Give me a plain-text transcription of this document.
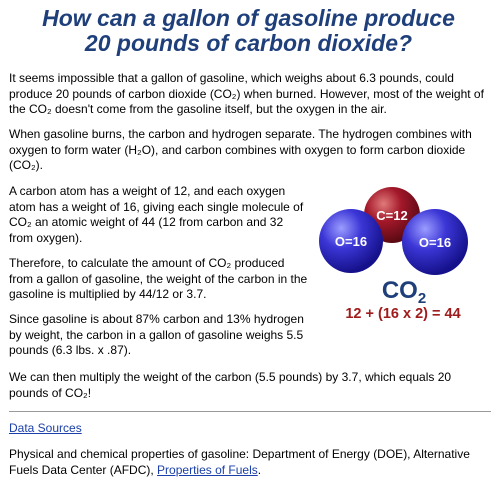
How can a gallon of gasoline produce
20 pounds of carbon dioxide?

It seems impossible that a gallon of gasoline, which weighs about 6.3 pounds, could produce 20 pounds of carbon dioxide (CO₂) when burned. However, most of the weight of the CO₂ doesn't come from the gasoline itself, but the oxygen in the air.

When gasoline burns, the carbon and hydrogen separate. The hydrogen combines with oxygen to form water (H₂O), and carbon combines with oxygen to form carbon dioxide (CO₂).

A carbon atom has a weight of 12, and each oxygen atom has a weight of 16, giving each single molecule of CO₂ an atomic weight of 44 (12 from carbon and 32 from oxygen).

Therefore, to calculate the amount of CO₂ produced from a gallon of gasoline, the weight of the carbon in the gasoline is multiplied by 44/12 or 3.7.

Since gasoline is about 87% carbon and 13% hydrogen by weight, the carbon in a gallon of gasoline weighs 5.5 pounds (6.3 lbs. x .87).

We can then multiply the weight of the carbon (5.5 pounds) by 3.7, which equals 20 pounds of CO₂!

C=12
O=16	O=16
$CO_2$
12 + (16 x 2) = 44
Data Sources

Physical and chemical properties of gasoline: Department of Energy (DOE), Alternative Fuels Data Center (AFDC), Properties of Fuels.
